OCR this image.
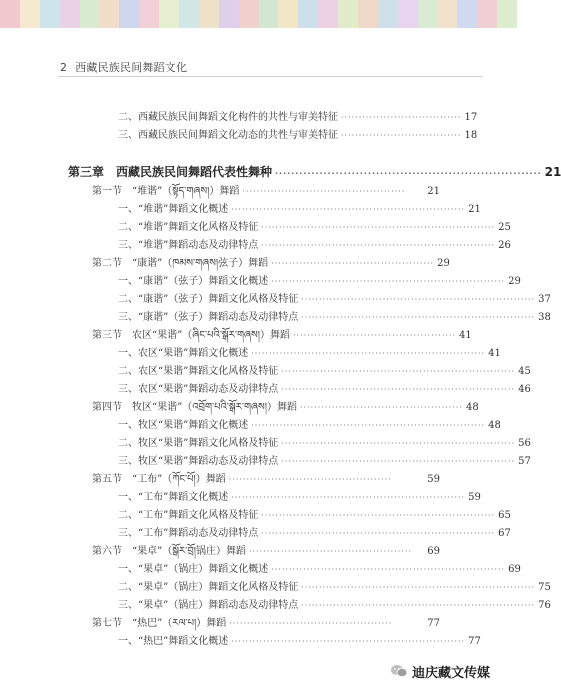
2 西藏民族民间舞蹈文化
二、西藏民族民间舞蹈文化构件的共性与审美特征 ·································· 17
三、西藏民族民间舞蹈文化动态的共性与审美特征 ·································· 18
第三章　西藏民族民间舞蹈代表性舞种 ·································································· 21
第一节　“堆谐”（སྟོད་གཞས།）舞蹈 ··············································	21
一、“堆谐”舞蹈文化概述 ·································································· 21
二、“堆谐”舞蹈文化风格及特征 ·································································· 25
三、“堆谐”舞蹈动态及动律特点 ·································································· 26
第二节　“康谐”（ཁམས་གཞས།弦子）舞蹈 ·············································· 29
一、“康谐”（弦子）舞蹈文化概述 ·································································· 29
二、“康谐”（弦子）舞蹈文化风格及特征 ·································································· 37
三、“康谐”（弦子）舞蹈动态及动律特点 ·································································· 38
第三节　农区“果谐”（ཞིང་པའི་སྒོར་གཞས།）舞蹈 ·············································· 41
一、农区“果谐”舞蹈文化概述 ·································································· 41
二、农区“果谐”舞蹈文化风格及特征 ·································································· 45
三、农区“果谐”舞蹈动态及动律特点 ·································································· 46
第四节　牧区“果谐”（འབྲོག་པའི་སྒོར་གཞས།）舞蹈 ·············································· 48
一、牧区“果谐”舞蹈文化概述 ·································································· 48
二、牧区“果谐”舞蹈文化风格及特征 ·································································· 56
三、牧区“果谐”舞蹈动态及动律特点 ·································································· 57
第五节　“工布”（ཀོང་པོ།）舞蹈 ··············································	59
一、“工布”舞蹈文化概述 ·································································· 59
二、“工布”舞蹈文化风格及特征 ·································································· 65
三、“工布”舞蹈动态及动律特点 ·································································· 67
第六节　“果卓”（སྒོར་བྲོ།锅庄）舞蹈 ··············································	69
一、“果卓”（锅庄）舞蹈文化概述 ·································································· 69
二、“果卓”（锅庄）舞蹈文化风格及特征 ·································································· 75
三、“果卓”（锅庄）舞蹈动态及动律特点 ·································································· 76
第七节　“热巴”（རལ་པ།）舞蹈 ··············································	77
一、“热巴”舞蹈文化概述 ·································································· 77
迪庆藏文传媒
